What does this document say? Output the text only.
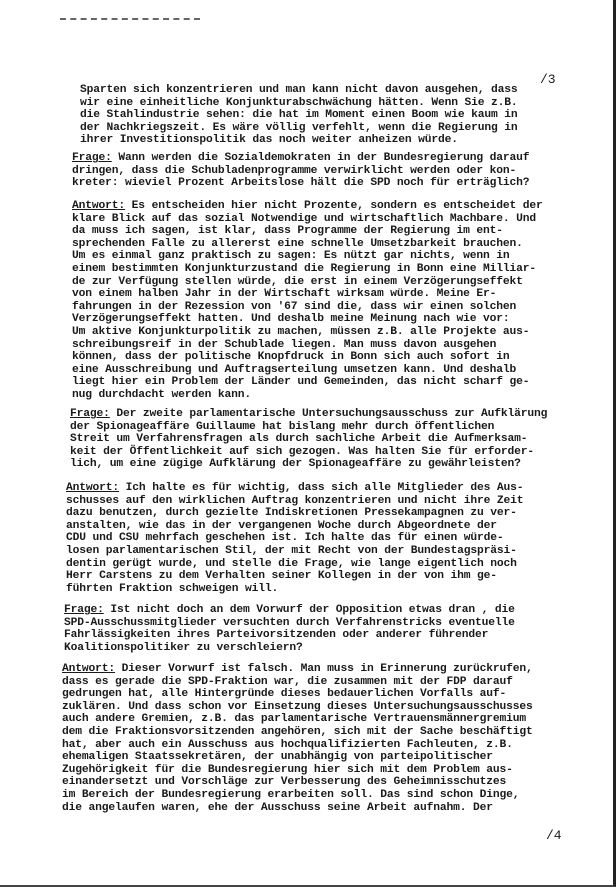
/3
Sparten sich konzentrieren und man kann nicht davon ausgehen, dass
wir eine einheitliche Konjunkturabschwächung hätten. Wenn Sie z.B.
die Stahlindustrie sehen: die hat im Moment einen Boom wie kaum in
der Nachkriegszeit. Es wäre völlig verfehlt, wenn die Regierung in
ihrer Investitionspolitik das noch weiter anheizen würde.
Frage: Wann werden die Sozialdemokraten in der Bundesregierung darauf
dringen, dass die Schubladenprogramme verwirklicht werden oder kon-
kreter: wieviel Prozent Arbeitslose hält die SPD noch für erträglich?
Antwort: Es entscheiden hier nicht Prozente, sondern es entscheidet der
klare Blick auf das sozial Notwendige und wirtschaftlich Machbare. Und
da muss ich sagen, ist klar, dass Programme der Regierung im ent-
sprechenden Falle zu allererst eine schnelle Umsetzbarkeit brauchen.
Um es einmal ganz praktisch zu sagen: Es nützt gar nichts, wenn in
einem bestimmten Konjunkturzustand die Regierung in Bonn eine Milliar-
de zur Verfügung stellen würde, die erst in einem Verzögerungseffekt
von einem halben Jahr in der Wirtschaft wirksam würde. Meine Er-
fahrungen in der Rezession von '67 sind die, dass wir einen solchen
Verzögerungseffekt hatten. Und deshalb meine Meinung nach wie vor:
Um aktive Konjunkturpolitik zu machen, müssen z.B. alle Projekte aus-
schreibungsreif in der Schublade liegen. Man muss davon ausgehen
können, dass der politische Knopfdruck in Bonn sich auch sofort in
eine Ausschreibung und Auftragserteilung umsetzen kann. Und deshalb
liegt hier ein Problem der Länder und Gemeinden, das nicht scharf ge-
nug durchdacht werden kann.
Frage: Der zweite parlamentarische Untersuchungsausschuss zur Aufklärung
der Spionageaffäre Guillaume hat bislang mehr durch öffentlichen
Streit um Verfahrensfragen als durch sachliche Arbeit die Aufmerksam-
keit der Öffentlichkeit auf sich gezogen. Was halten Sie für erforder-
lich, um eine zügige Aufklärung der Spionageaffäre zu gewährleisten?
Antwort: Ich halte es für wichtig, dass sich alle Mitglieder des Aus-
schusses auf den wirklichen Auftrag konzentrieren und nicht ihre Zeit
dazu benutzen, durch gezielte Indiskretionen Pressekampagnen zu ver-
anstalten, wie das in der vergangenen Woche durch Abgeordnete der
CDU und CSU mehrfach geschehen ist. Ich halte das für einen würde-
losen parlamentarischen Stil, der mit Recht von der Bundestagspräsi-
dentin gerügt wurde, und stelle die Frage, wie lange eigentlich noch
Herr Carstens zu dem Verhalten seiner Kollegen in der von ihm ge-
führten Fraktion schweigen will.
Frage: Ist nicht doch an dem Vorwurf der Opposition etwas dran , die
SPD-Ausschussmitglieder versuchten durch Verfahrenstricks eventuelle
Fahrlässigkeiten ihres Parteivorsitzenden oder anderer führender
Koalitionspolitiker zu verschleiern?
Antwort: Dieser Vorwurf ist falsch. Man muss in Erinnerung zurückrufen,
dass es gerade die SPD-Fraktion war, die zusammen mit der FDP darauf
gedrungen hat, alle Hintergründe dieses bedauerlichen Vorfalls auf-
zuklären. Und dass schon vor Einsetzung dieses Untersuchungsausschusses
auch andere Gremien, z.B. das parlamentarische Vertrauensmännergremium
dem die Fraktionsvorsitzenden angehören, sich mit der Sache beschäftigt
hat, aber auch ein Ausschuss aus hochqualifizierten Fachleuten, z.B.
ehemaligen Staatssekretären, der unabhängig von parteipolitischer
Zugehörigkeit für die Bundesregierung hier sich mit dem Problem aus-
einandersetzt und Vorschläge zur Verbesserung des Geheimnisschutzes
im Bereich der Bundesregierung erarbeiten soll. Das sind schon Dinge,
die angelaufen waren, ehe der Ausschuss seine Arbeit aufnahm. Der
/4
